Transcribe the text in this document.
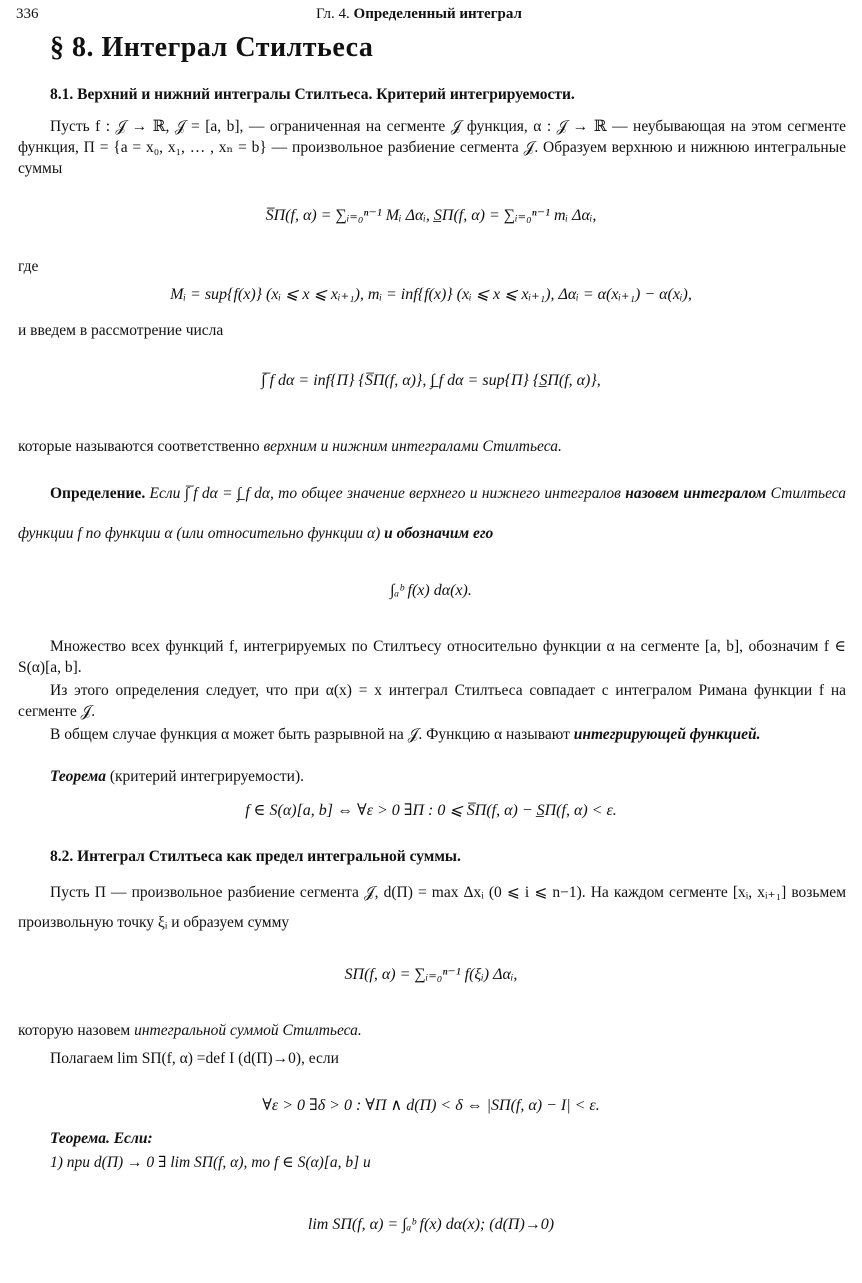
336	Гл. 4. Определенный интеграл
§ 8. Интеграл Стилтьеса
8.1. Верхний и нижний интегралы Стилтьеса. Критерий интегрируемости.
Пусть f : 𝒥 → ℝ, 𝒥 = [a, b], — ограниченная на сегменте 𝒥 функция, α : 𝒥 → ℝ — неубывающая на этом сегменте функция, Π = {a = x₀, x₁, … , xₙ = b} — произвольное разбиение сегмента 𝒥. Образуем верхнюю и нижнюю интегральные суммы
S̅Π(f, α) = ∑ᵢ₌₀ⁿ⁻¹ Mᵢ Δαᵢ, S̲Π(f, α) = ∑ᵢ₌₀ⁿ⁻¹ mᵢ Δαᵢ,
где
Mᵢ = sup{f(x)} (xᵢ ⩽ x ⩽ xᵢ₊₁), mᵢ = inf{f(x)} (xᵢ ⩽ x ⩽ xᵢ₊₁), Δαᵢ = α(xᵢ₊₁) − α(xᵢ),
и введем в рассмотрение числа
∫̅ f dα = inf{Π} {S̅Π(f, α)}, ∫̲ f dα = sup{Π} {S̲Π(f, α)},
которые называются соответственно верхним и нижним интегралами Стилтьеса.
Определение. Если ∫̅ f dα = ∫̲ f dα, то общее значение верхнего и нижнего интегралов назовем интегралом Стилтьеса функции f по функции α (или относительно функции α) и обозначим его
∫ₐᵇ f(x) dα(x).
Множество всех функций f, интегрируемых по Стилтьесу относительно функции α на сегменте [a, b], обозначим f ∈ S(α)[a, b].
Из этого определения следует, что при α(x) = x интеграл Стилтьеса совпадает с интегралом Римана функции f на сегменте 𝒥.
В общем случае функция α может быть разрывной на 𝒥. Функцию α называют интегрирующей функцией.
Теорема (критерий интегрируемости).
f ∈ S(α)[a, b] ⇔ ∀ε > 0 ∃Π : 0 ⩽ S̅Π(f, α) − S̲Π(f, α) < ε.
8.2. Интеграл Стилтьеса как предел интегральной суммы.
Пусть Π — произвольное разбиение сегмента 𝒥, d(Π) = max Δxᵢ (0 ⩽ i ⩽ n−1). На каждом сегменте [xᵢ, xᵢ₊₁] возьмем произвольную точку ξᵢ и образуем сумму
SΠ(f, α) = ∑ᵢ₌₀ⁿ⁻¹ f(ξᵢ) Δαᵢ,
которую назовем интегральной суммой Стилтьеса.
Полагаем lim SΠ(f, α) =def I (d(Π)→0), если
∀ε > 0 ∃δ > 0 : ∀Π ∧ d(Π) < δ ⇔ |SΠ(f, α) − I| < ε.
Теорема. Если:
1) при d(Π) → 0 ∃ lim SΠ(f, α), то f ∈ S(α)[a, b] и
lim SΠ(f, α) = ∫ₐᵇ f(x) dα(x); (d(Π)→0)
